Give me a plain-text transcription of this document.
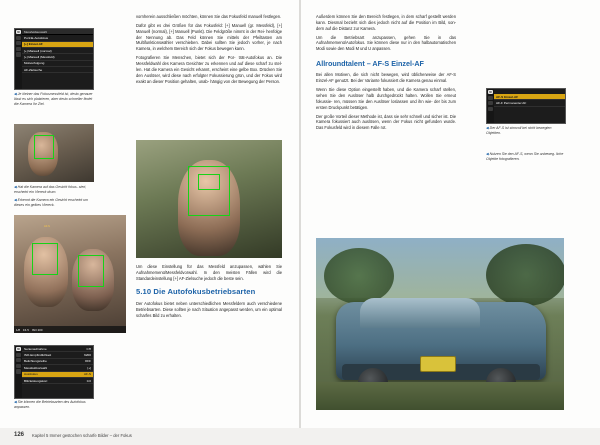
M	Messfeldauswahl
Porträt-Autofokus
[+] Einzel-AF
[+] Manuell (normal)
[+] Manuell (Messfeld)
Motiverfolgung
AF-Zielsuche
◀ Je kleiner das Fokusmessfeld ist, desto genauer lässt es sich platzieren, aber desto schneller findet die Kamera Ihr Ziel.
◀ Hat die Kamera auf das Gesicht fokus- siert, erscheint ein Viereck drum.
◀ Erkennt die Kamera ein Gesicht erscheint um dieses ein gelbes Viereck.
AF-S
1/8 F4.5 ISO 200
M	Serienaufnahme	CH
ISO-Empfindlichkeit	6200
Belichtungsreihe	OFF
Messfeldvorwahl	[+]
Autofokus	AF-S
Blitzleistungskorr.	0.0
◀ Sie können die Betriebsarten des Autofokus anpassen.

vornherein ausschließen möchten, können Sie das Fokusfeld manuell festlegen.

Dafür gibt es drei Größen für das Fokusfeld: [+] Manuell (gr. Messfeld), [+] Manuell (normal), [+] Manuell (Punkt). Die Feldgröße nimmt in der Rei- henfolge der Nennung ab. Das Feld können Sie mittels der Pfeiltasten am Multifunktionswähler verschieben. Dabei sollten Sie jedoch vorher, je nach Kamera, in welchem Bereich sich der Fokus bewegen kann.

Fotografieren Sie Menschen, bietet sich der Por- trät-Autofokus an. Die Messfeldwahl des Kamera Gesichter zu erkennen und auf diese scharf zu stel- len. Hat die Kamera ein Gesicht erkannt, erscheint eine gelbe Box. Drücken Sie den Auslöser, wird diese nach erfolgter Fokussierung grün, und der Fokus wird exakt an dieser Position gehalten, unab- hängig von der Bewegung der Person.

Um diese Einstellung für das Messfeld anzupassen, wählen Sie Aufnahmemenü/Messfeldvorwahl. In den meisten Fällen wird die Standardeinstellung [+] AF-Zielsuche jedoch die beste sein.

5.10 Die Autofokusbetriebsarten

Der Autofokus bietet neben unterschiedlichen Messfeldern auch verschiedene Betriebsarten. Diese sollten je nach Situation angepasst werden, um ein optimal scharfes Bild zu erhalten.

Außerdem können Sie den Bereich festlegen, in dem scharf gestellt werden kann. Diesmal bezieht sich dies jedoch nicht auf die Position im Bild, son- dern auf die Distanz zur Kamera.

Um die Betriebsart anzupassen, gehen Sie in das Aufnahmemenü/Autofokus. Sie können diese nur in den halbautomatischen Modi sowie den Modi M und U anpassen.

Allroundtalent – AF-S Einzel-AF

Bei allen Motiven, die sich nicht bewegen, wird üblicherweise der AF-S Einzel-AF genutzt. Bei der Variante fokussiert die Kamera genau einmal.

Wenn Sie diese Option eingestellt haben, und die Kamera scharf stellen, sehen Sie den Auslöser halb durchgedrückt halten. Wollen Sie erneut fokussie- ren, müssen Sie den Auslöser loslassen und ihn wie- der bis zum ersten Druckpunkt betätigen.

Der große Vorteil dieser Methode ist, dass sie sehr schnell und sicher ist. Die Kamera fokussiert auch auslösen, wenn der Fokus nicht gefunden wurde. Das Fokusfeld wird in diesem Falle rot.

M
AF-S Einzel-AF
AF-F Permanenter AF
◀ Der AF-S ist sinnvoll bei nicht bewegten Objekten.
◀ Nutzen Sie den AF-S, wenn Sie unbeweg- liche Objekte fotografieren.
126 Kapitel 5 Immer gestochen scharfe Bilder – der Fokus
